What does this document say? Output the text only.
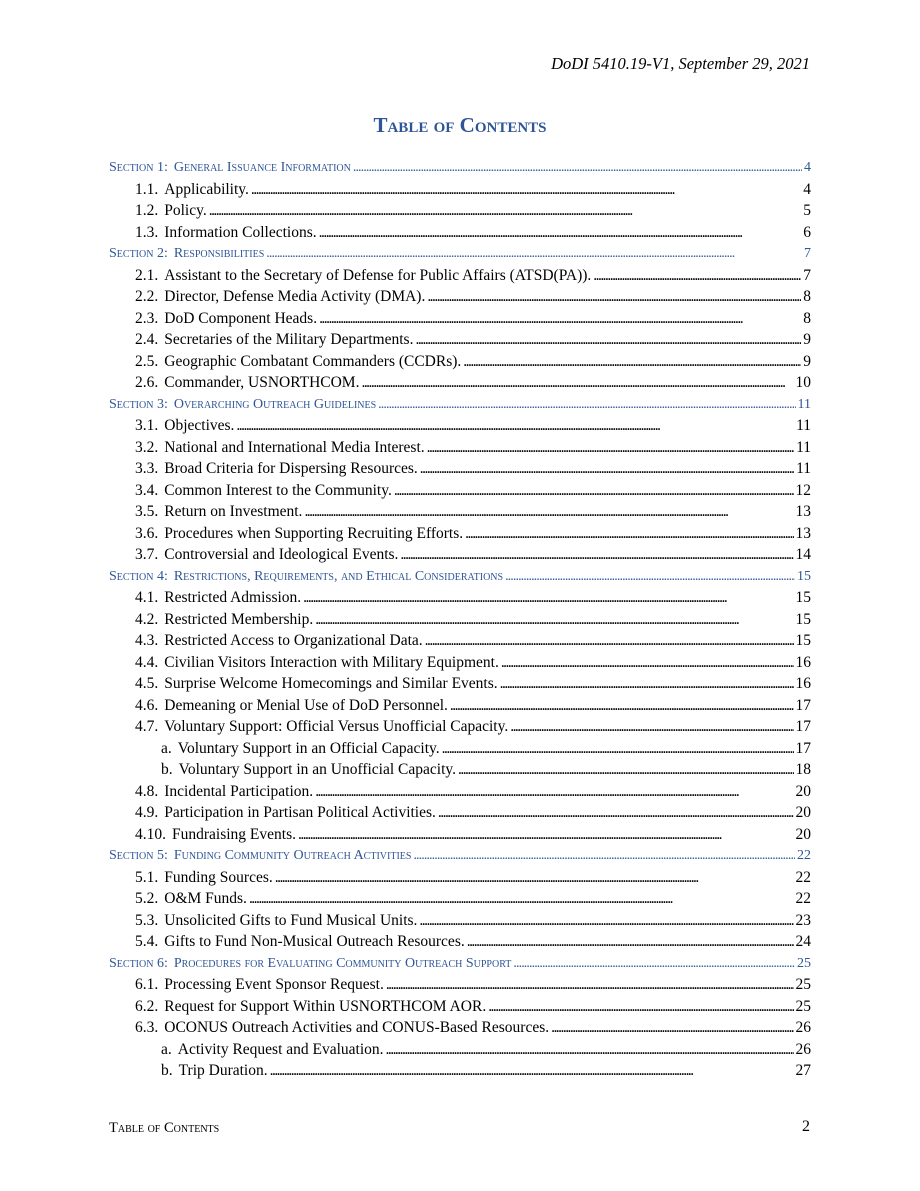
DoDI 5410.19-V1, September 29, 2021
Table of Contents
Section 1: General Issuance Information . . .	4
1.1. Applicability. . . .	4
1.2. Policy. . . .	5
1.3. Information Collections. . . .	6
Section 2: Responsibilities . . .	7
2.1. Assistant to the Secretary of Defense for Public Affairs (ATSD(PA)). . . .	7
2.2. Director, Defense Media Activity (DMA). . . .	8
2.3. DoD Component Heads. . . .	8
2.4. Secretaries of the Military Departments. . . .	9
2.5. Geographic Combatant Commanders (CCDRs). . . .	9
2.6. Commander, USNORTHCOM. . . .	10
Section 3: Overarching Outreach Guidelines . . .	11
3.1. Objectives. . . .	11
3.2. National and International Media Interest. . . .	11
3.3. Broad Criteria for Dispersing Resources. . . .	11
3.4. Common Interest to the Community. . . .	12
3.5. Return on Investment. . . .	13
3.6. Procedures when Supporting Recruiting Efforts. . . .	13
3.7. Controversial and Ideological Events. . . .	14
Section 4: Restrictions, Requirements, and Ethical Considerations . . .	15
4.1. Restricted Admission. . . .	15
4.2. Restricted Membership. . . .	15
4.3. Restricted Access to Organizational Data. . . .	15
4.4. Civilian Visitors Interaction with Military Equipment. . . .	16
4.5. Surprise Welcome Homecomings and Similar Events. . . .	16
4.6. Demeaning or Menial Use of DoD Personnel. . . .	17
4.7. Voluntary Support: Official Versus Unofficial Capacity. . . .	17
a. Voluntary Support in an Official Capacity. . . .	17
b. Voluntary Support in an Unofficial Capacity. . . .	18
4.8. Incidental Participation. . . .	20
4.9. Participation in Partisan Political Activities. . . .	20
4.10. Fundraising Events. . . .	20
Section 5: Funding Community Outreach Activities . . .	22
5.1. Funding Sources. . . .	22
5.2. O&M Funds. . . .	22
5.3. Unsolicited Gifts to Fund Musical Units. . . .	23
5.4. Gifts to Fund Non-Musical Outreach Resources. . . .	24
Section 6: Procedures for Evaluating Community Outreach Support . . .	25
6.1. Processing Event Sponsor Request. . . .	25
6.2. Request for Support Within USNORTHCOM AOR. . . .	25
6.3. OCONUS Outreach Activities and CONUS-Based Resources. . . .	26
a. Activity Request and Evaluation. . . .	26
b. Trip Duration. . . .	27
Table of Contents	2
